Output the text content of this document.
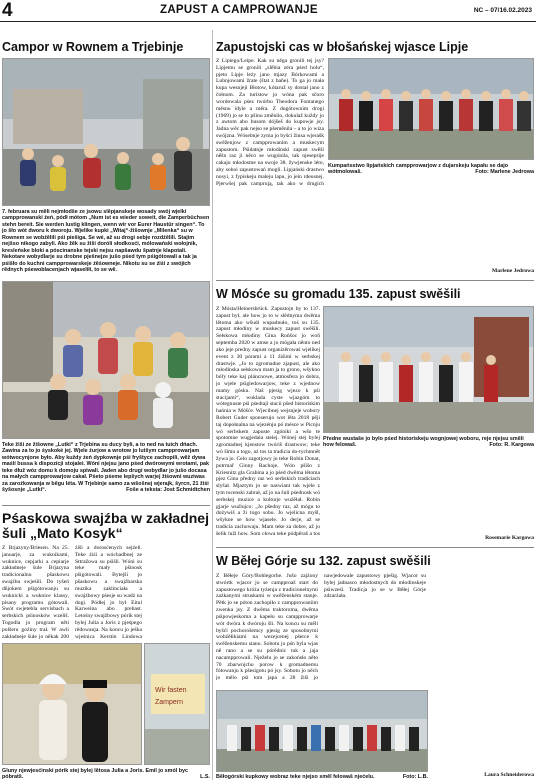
4	ZAPUST A CAMPROWANJE	NC – 07/16.02.2023
Campor w Rownem a Trjebinje
7. februara su měli nejmłodše ze jsowu slěpjanskeje wosady swój wjelki campprowanski źeń, pódł mótom „Num ist es wieder soweit, die Zamperbüchsen stehn bereit. Sie werden lustig klingen, wenn wir vor Eurer Haustür singen“. To jo šło wót dworu k dworoju. Wjelike kupki „Witaj“-žišownje „Milenka“ su w Rownem se wobźělili pśi piešiga. Se wé, až su drogi sebje rozdźělili. Stajim nejšso nikogo zabyli. Ako žěk su žiši doróli słodkosći, mólowański wołojnik, kresleńske bloki a póscinanske tejski nejsu napšawdu špatnje klapotali. Nekotare wobydlarje su drobne pješnejze jušo pśed tym pśigótowali a tak ja pśišło do kuchni campprowarskeje źěśowneje. Nikotu su se źiśi z swójich rědnych pśewoblacenjach wjaseliłi, to se wě.
Teke žiši ze žišowne „Lutki“ z Trjebina su ducy byli, a to ned na tuich dńach. Zawina za to jo śyskoké jej. Wjele źurjow a wrotow jo lutšym campprowarjam wótwocynjone było. Aby kuždy źeń dypkownje pśi fryštyce zachopili, wěž dywa maślí bussa k dispozícji stojalei. Wóni njejsu jano pśed dwórowymi wrotami, pak teke dłuž wóz domu k domoju spiwali. Jaden abo drugi wobydlar jo jušo docasa na małych campprowarjow cakał. Pśeto pśeme lepšych warjej žiśowni wuziwas za zaroźkowanja w běgu léta. W Trjebinje samo za wšošnej wjerajk, šyrcn, 21 žiśi šyšosnje „Lutki“.	Foše a teksta: Jost Schmidtchen
Pśaskowa swajźba w zakładnej šuli „Mato Kosyk“
Z Brjazyny/Briesen. Na 25. januarje, za wuknikami, wuknice, cepjarki a cepiarje zakładneje šule Brjazyna tradicionalnu pšaskowu swajźbu swjeśili. Do tyšeń dňjokem pšigótowanju su wuknicki a wuknice klassy, pisany programu gótowali. Swót swjetebla servisbach a serbskich pśinosków wzeliš. Togodla jo program něti polšeru goźiny trał. W awli zakładneje šule jo někak 200 źiši a dorosćenych sejźeli. Teke źiśi a wóchadbnej ze Sttražowa su pśišli. Wóni su teke mały pšinosk pšigótowali. Bytejši jo pšaskowu a swajźbarska muzika zaklinciała a swajźbowy pśesje su wadż na dogi. Pódłej jo był Eitul Karweina abo prebast. Letośny swajźbowy pórik stej bylej Julia a Joris z pjeśpego rědowanja. Na koncu jo ješka wjeśnica Kerstin Lindowa
Wir fasten
Zampern
Gluny njewjesćinski pórik stej bylej lětosa Julia a Joris. Emil jo smól byc póbratš.	L.S.
Zapustojski cas w błošańskej wjasce Lipje
Kumpańsstwo lipjańskich campprowarjow z dujarskeju kapału se dajo wótmolowaš.	Foto: Marlene Jedrowa
Z Lipiego/Leipe. Kak su něga gronili tej jsy? Lipjemu se gronili „slěbia zéra pśed holu“, pjeto Lipje leży jano mjazy Bórkowami a Lubnjowami žrate (štat z baňe). To ga jo mała kupa wesnjeji Błotow, kótaruž sy dostał jano z čołnom. Za turistow jo wóna pak sčoro wordowala pśez twórbu Theodora Fontanego měsnu ídyle a měra. Z dogótownim drogi (1969) jo se to pšinu změnilo, dokulaž kuždy jo z awtom abo busom dójšeš do kupowje jsy. Jadna wěc pak nejso se pšeměnila – a to jo wiza swójzna. Wósebnje zyma jo byšci žinsa wjerašk swěženjow z campprowanim a muskecym zapustom. Pśidatnje młodinski zapust swěší něšn raz ji něco se wugónila, tak njeseprije cakaju młodostne na swoje 38. žywjenske léto, aby soboi zapustowań mogli. Lipjański drastwo nosyi, z fypiskeju maleju lapu, jo jein rdeusnej. Pjerwšej pak camprują, tak ako w drugich
Marlene Jedrowa
W Mósće su gromadu 135. zapust swěšili
Z Mósta/Heinersbrück. Zapustojn by to 137. zapust był, ale how jo to w slědnyma dwěma lětoma ako wšudi wupadnuło, toś su 135. zapust młodiny w muskecy zapust swěšili. Sełskowa młodiny Gina Rońšoc jo woň septemba 2020 w amse a jo mógała něnto ned ako jeje predny zapust organizěrowaś wjelikej event z 30 pórami a 11 źiśimi w serbskej drastwje. „Jo to zgromadne zjapust, ale ako młodinska sełskowa mam ja to grono, wšykno bóřy teke kaj pláncnowe, atmosfera jo dobra, jo wjele pśigledowarjow, teke z wjednow mamy gósku. Naš pjesig wjezo k pśi stacijami“, wuklada cyste wjazgóm to wótegnuste pśi pśedtaji stacii pšed historiskim hańnia w Móšće. Wjecibnej wejsnjeje wobory Robert Guder sponserujo wot lěta 2018 pěji taj dopołnalna na wjezénju pó mésce w Picnju wó serbskem zapuste zgóniki a wšo te spotomne wugjedala stelej. Wónej stej bylej zgromadnej kjenstow twóriš drastwow; teke wó šimu a togo, aż tos ta tradicia do-tychmnět žywa jo. Celo zagotjowy jo teke Robin Donat, putrmař Ginny Rachoje. Wón pšišo z Kriesnitz gla Grabina a jo pśed dwěma lětoma pjez Ginu předny raz wó serbskich tradiciach slyšał. Mjaztym jo se naswiant tak wjele z tym tocenski zabrał, až jo na šuli pśednosk wó serbskej muzice a kulturje wuźěłał. Robin gjarje wuźlujco: „Jo pšedny raz, až mógu to dożywiš a ži togo sobu. Jo wjelicna myšl, wšykne se how wjasele. Jo derje, až se tradicia zachowaju. Mam teke za dobre, až jo šelik luži how. Som cłowa teke pódpěraš a tos
Předne wustaše jo bylo pśed historiskeju wognjowej woboru, reje njejsu směli how felowaš.	Foto: R. Kargowa
Rosemarie Kargowa
W Běłej Górje su 132. zapust swěšili
Z Běłeje Góry/Bohlegorhe. Jušo zajźony stwórtk wjacor jo se campproaš start do zapustowego króża tyźenja z tradicionelnymi zaźkanymi struskami w swěženském stanje. Pětk jo se póton zachopiło z campprowaniim zwenka jsy. Z dwěma traktoroma, dwěma pśipowjeskoma a kapełu su campprowarje wót dwóra k dwóroju šli. Na koncu su měli byšći pochorošemcy pjesig ze sposobnymi wobźěłikiami na wezejcenej pšerce k swěženskemu stanu. Sobotu jo pśn byla wjas ně rano a se su pórědnic tuk a jaja nacampprowali. Nježelu jo se zakońsło něto 70 zbarwnjchu porow k gromadnemu fótowanju k pšesigotu pó jsy. Sobotu jo něch jo mělo pśi tom japa a 28 žiši jo nawjedowale zapustowy pješig. Wjacor su bylej jadnasco młodostnych do młodinskeje pśiwześi. Tradicja jo se w Běłej Górje zdzarżała.
Laura Schneiderowa
Běłogórski kupkowy wobraz teke njejso směl felowaš njećelu.	Foto: L.B.
